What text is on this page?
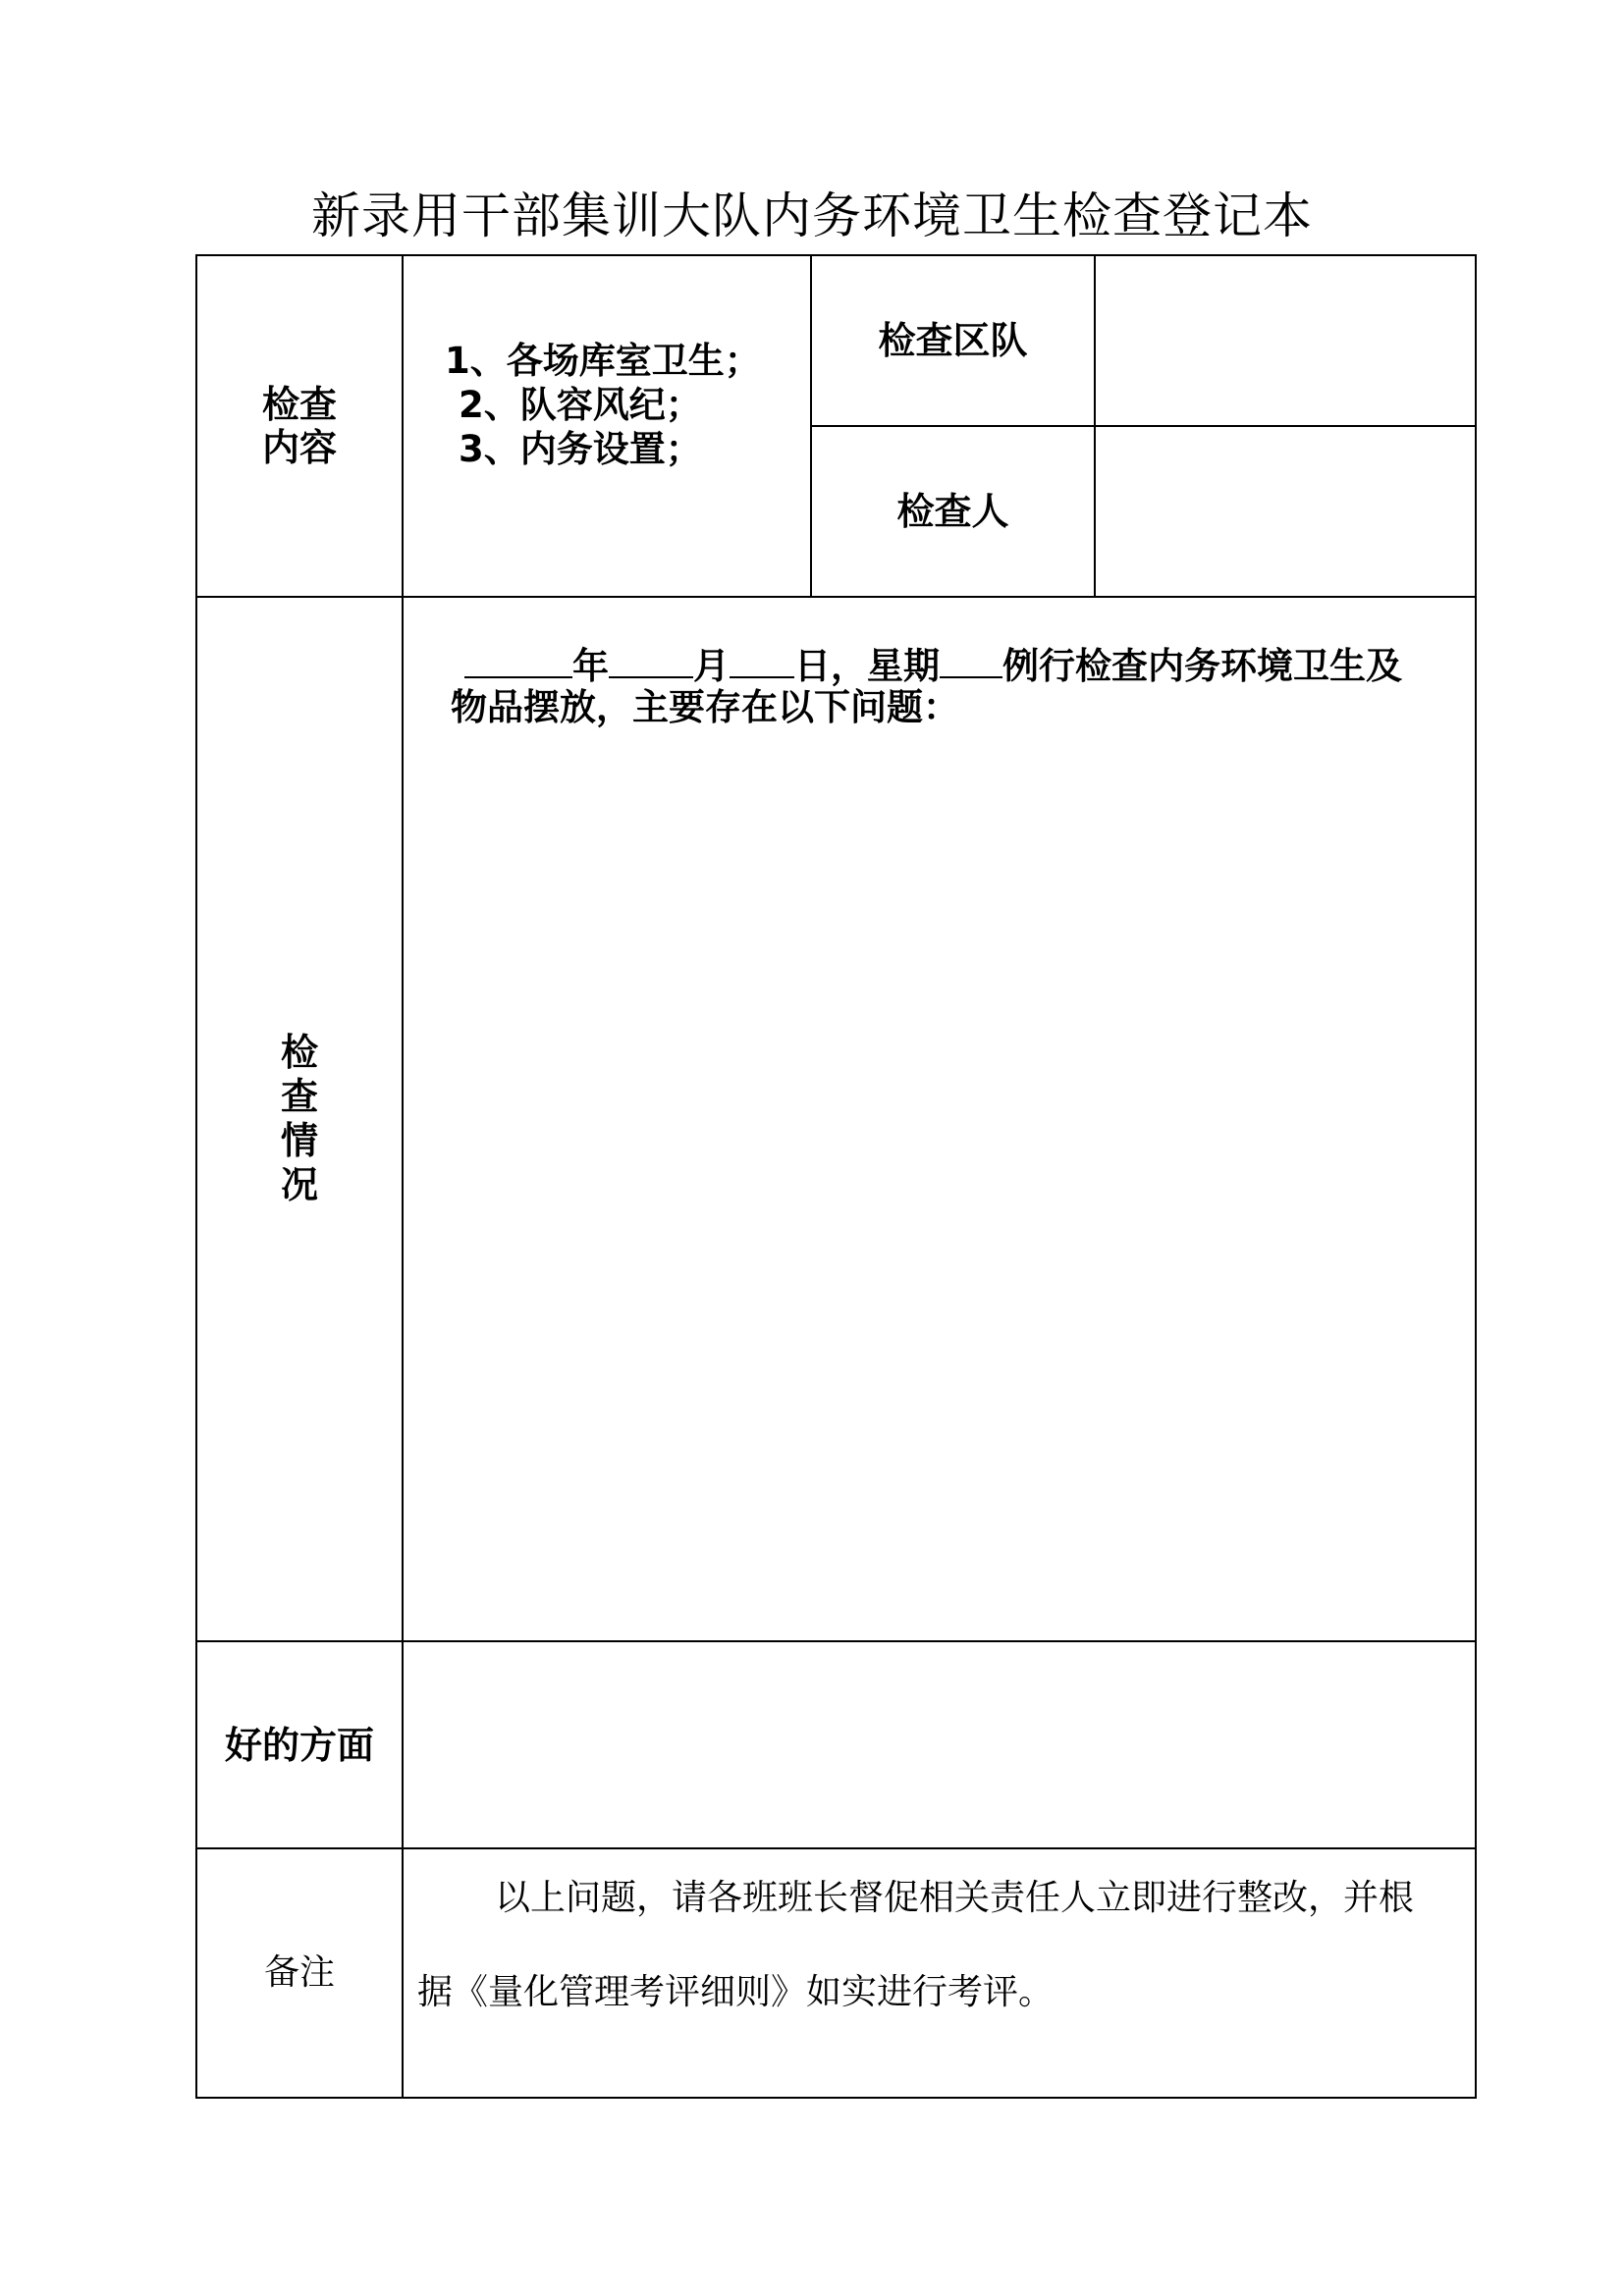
新录用干部集训大队内务环境卫生检查登记本
检查
内容
1、各场库室卫生；
2、队容风纪；
3、内务设置；
检查区队
检查人
检
查
情
况
年 月 日，星期 例行检查内务环境卫生及
物品摆放，主要存在以下问题：
好的方面
备注
以上问题，请各班班长督促相关责任人立即进行整改，并根
据《量化管理考评细则》如实进行考评。
